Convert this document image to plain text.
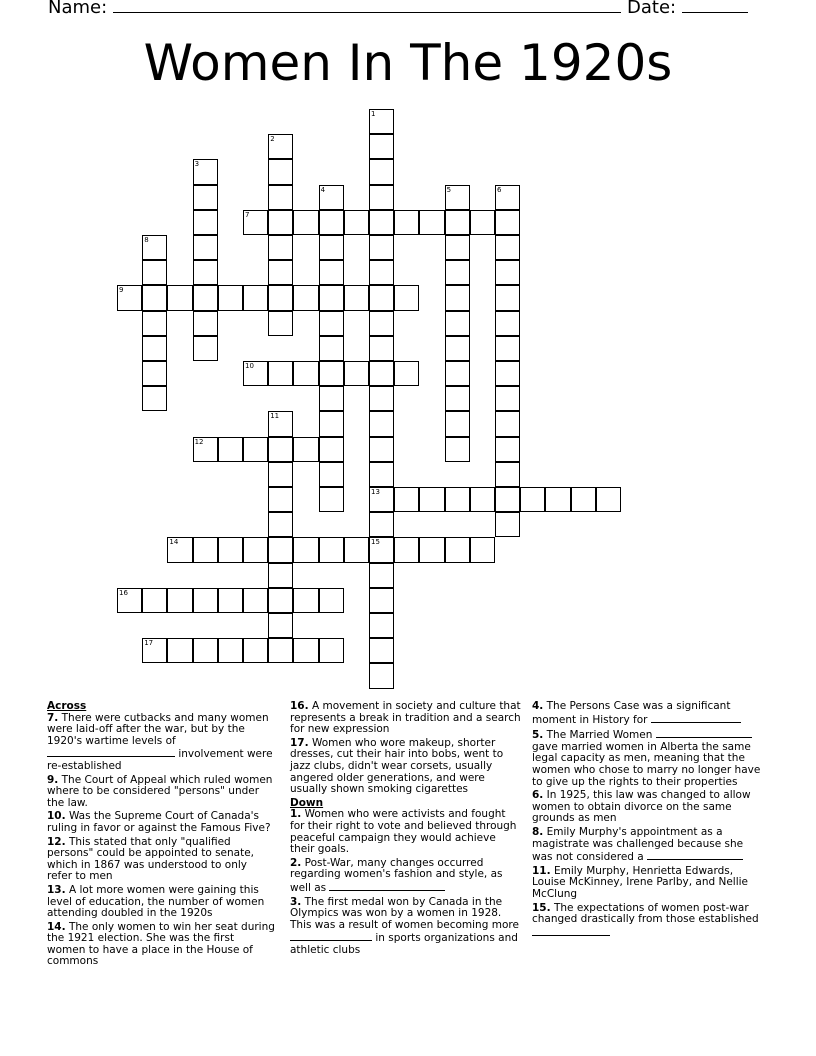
Name:	Date:
Women In The 1920s
7
9
10
12
13
14	15
16
17
1
2
3
4	5	6
8
11

Across

7. There were cutbacks and many women were laid-off after the war, but by the 1920's wartime levels of  involvement were re-established

9. The Court of Appeal which ruled women where to be considered "persons" under the law.

10. Was the Supreme Court of Canada's ruling in favor or against the Famous Five?

12. This stated that only "qualified persons" could be appointed to senate, which in 1867 was understood to only refer to men

13. A lot more women were gaining this level of education, the number of women attending doubled in the 1920s

14. The only women to win her seat during the 1921 election. She was the first women to have a place in the House of commons

16. A movement in society and culture that represents a break in tradition and a search for new expression

17. Women who wore makeup, shorter dresses, cut their hair into bobs, went to jazz clubs, didn't wear corsets, usually angered older generations, and were usually shown smoking cigarettes

Down

1. Women who were activists and fought for their right to vote and believed through peaceful campaign they would achieve their goals.

2. Post-War, many changes occurred regarding women's fashion and style, as well as

3. The first medal won by Canada in the Olympics was won by a women in 1928. This was a result of women becoming more  in sports organizations and athletic clubs

4. The Persons Case was a significant moment in History for

5. The Married Women  gave married women in Alberta the same legal capacity as men, meaning that the women who chose to marry no longer have to give up the rights to their properties

6. In 1925, this law was changed to allow women to obtain divorce on the same grounds as men

8. Emily Murphy's appointment as a magistrate was challenged because she was not considered a

11. Emily Murphy, Henrietta Edwards, Louise McKinney, Irene Parlby, and Nellie McClung

15. The expectations of women post-war changed drastically from those established
